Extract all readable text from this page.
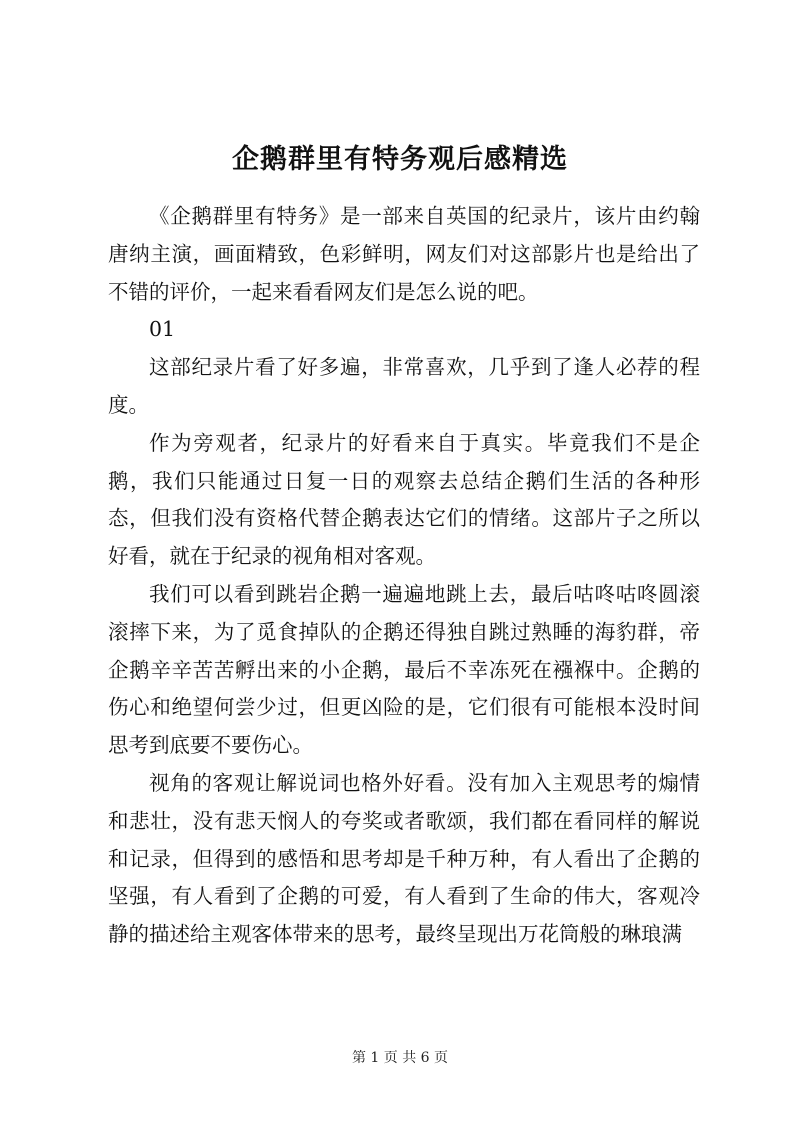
企鹅群里有特务观后感精选

《企鹅群里有特务》是一部来自英国的纪录片，该片由约翰唐纳主演，画面精致，色彩鲜明，网友们对这部影片也是给出了不错的评价，一起来看看网友们是怎么说的吧。

01

这部纪录片看了好多遍，非常喜欢，几乎到了逢人必荐的程度。

作为旁观者，纪录片的好看来自于真实。毕竟我们不是企鹅，我们只能通过日复一日的观察去总结企鹅们生活的各种形态，但我们没有资格代替企鹅表达它们的情绪。这部片子之所以好看，就在于纪录的视角相对客观。

我们可以看到跳岩企鹅一遍遍地跳上去，最后咕咚咕咚圆滚滚摔下来，为了觅食掉队的企鹅还得独自跳过熟睡的海豹群，帝企鹅辛辛苦苦孵出来的小企鹅，最后不幸冻死在襁褓中。企鹅的伤心和绝望何尝少过，但更凶险的是，它们很有可能根本没时间思考到底要不要伤心。

视角的客观让解说词也格外好看。没有加入主观思考的煽情和悲壮，没有悲天悯人的夸奖或者歌颂，我们都在看同样的解说和记录，但得到的感悟和思考却是千种万种，有人看出了企鹅的坚强，有人看到了企鹅的可爱，有人看到了生命的伟大，客观冷静的描述给主观客体带来的思考，最终呈现出万花筒般的琳琅满

第 1 页 共 6 页
